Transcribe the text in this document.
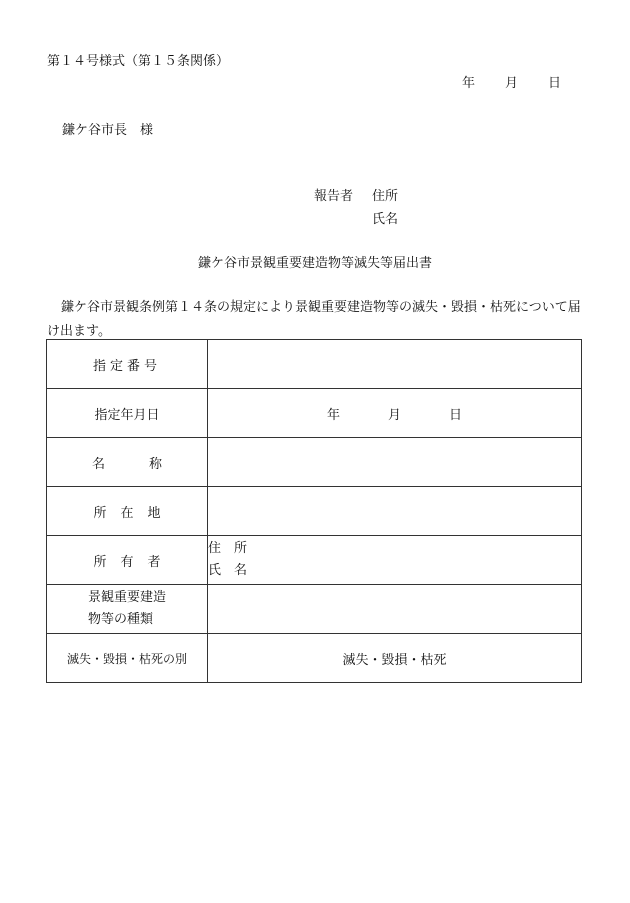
第１４号様式（第１５条関係）
年 月 日
鎌ケ谷市長　様
報告者 住所
氏名
鎌ケ谷市景観重要建造物等滅失等届出書
鎌ケ谷市景観条例第１４条の規定により景観重要建造物等の滅失・毀損・枯死について届け出ます。
指定番号	
指定年月日	年 月 日
名称	
所在地	
所有者	住　所
氏　名

景観重要建造
物等の種類	

滅失・毀損・枯死の別	滅失・毀損・枯死
